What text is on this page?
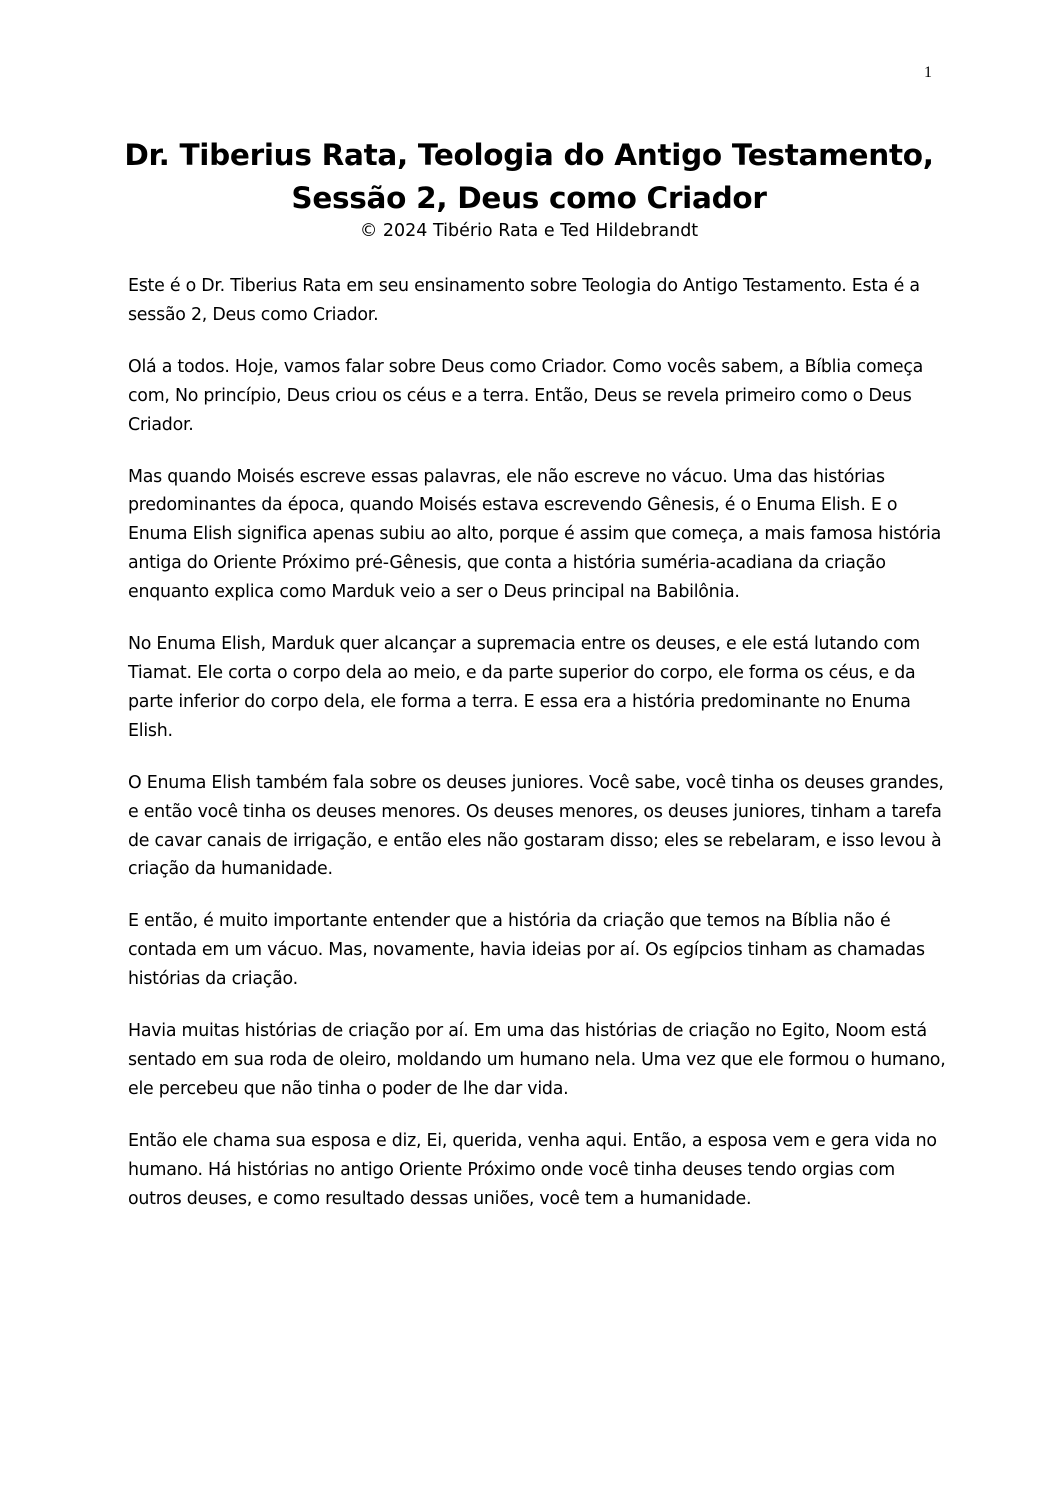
1
Dr. Tiberius Rata, Teologia do Antigo Testamento,
Sessão 2, Deus como Criador
© 2024 Tibério Rata e Ted Hildebrandt

Este é o Dr. Tiberius Rata em seu ensinamento sobre Teologia do Antigo Testamento. Esta é a sessão 2, Deus como Criador.

Olá a todos. Hoje, vamos falar sobre Deus como Criador. Como vocês sabem, a Bíblia começa com, No princípio, Deus criou os céus e a terra. Então, Deus se revela primeiro como o Deus Criador.

Mas quando Moisés escreve essas palavras, ele não escreve no vácuo. Uma das histórias predominantes da época, quando Moisés estava escrevendo Gênesis, é o Enuma Elish. E o Enuma Elish significa apenas subiu ao alto, porque é assim que começa, a mais famosa história antiga do Oriente Próximo pré-Gênesis, que conta a história suméria-acadiana da criação enquanto explica como Marduk veio a ser o Deus principal na Babilônia.

No Enuma Elish, Marduk quer alcançar a supremacia entre os deuses, e ele está lutando com Tiamat. Ele corta o corpo dela ao meio, e da parte superior do corpo, ele forma os céus, e da parte inferior do corpo dela, ele forma a terra. E essa era a história predominante no Enuma Elish.

O Enuma Elish também fala sobre os deuses juniores. Você sabe, você tinha os deuses grandes, e então você tinha os deuses menores. Os deuses menores, os deuses juniores, tinham a tarefa de cavar canais de irrigação, e então eles não gostaram disso; eles se rebelaram, e isso levou à criação da humanidade.

E então, é muito importante entender que a história da criação que temos na Bíblia não é contada em um vácuo. Mas, novamente, havia ideias por aí. Os egípcios tinham as chamadas histórias da criação.

Havia muitas histórias de criação por aí. Em uma das histórias de criação no Egito, Noom está sentado em sua roda de oleiro, moldando um humano nela. Uma vez que ele formou o humano, ele percebeu que não tinha o poder de lhe dar vida.

Então ele chama sua esposa e diz, Ei, querida, venha aqui. Então, a esposa vem e gera vida no humano. Há histórias no antigo Oriente Próximo onde você tinha deuses tendo orgias com outros deuses, e como resultado dessas uniões, você tem a humanidade.
